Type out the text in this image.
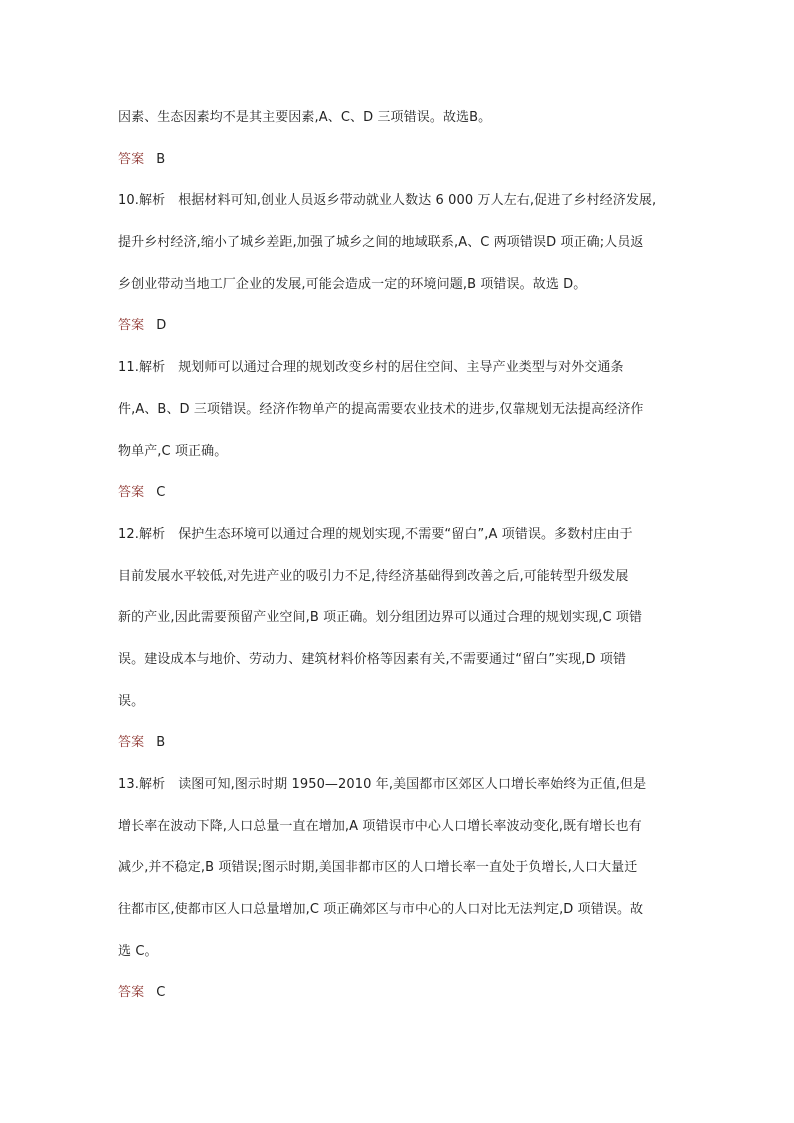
因素、生态因素均不是其主要因素,A、C、D 三项错误。故选B。
答案 B
10.解析 根据材料可知,创业人员返乡带动就业人数达 6 000 万人左右,促进了乡村经济发展,
提升乡村经济,缩小了城乡差距,加强了城乡之间的地域联系,A、C 两项错误D 项正确;人员返
乡创业带动当地工厂企业的发展,可能会造成一定的环境问题,B 项错误。故选 D。
答案 D
11.解析 规划师可以通过合理的规划改变乡村的居住空间、主导产业类型与对外交通条
件,A、B、D 三项错误。经济作物单产的提高需要农业技术的进步,仅靠规划无法提高经济作
物单产,C 项正确。
答案 C
12.解析 保护生态环境可以通过合理的规划实现,不需要“留白”,A 项错误。多数村庄由于
目前发展水平较低,对先进产业的吸引力不足,待经济基础得到改善之后,可能转型升级发展
新的产业,因此需要预留产业空间,B 项正确。划分组团边界可以通过合理的规划实现,C 项错
误。建设成本与地价、劳动力、建筑材料价格等因素有关,不需要通过“留白”实现,D 项错
误。
答案 B
13.解析 读图可知,图示时期 1950—2010 年,美国都市区郊区人口增长率始终为正值,但是
增长率在波动下降,人口总量一直在增加,A 项错误市中心人口增长率波动变化,既有增长也有
减少,并不稳定,B 项错误;图示时期,美国非都市区的人口增长率一直处于负增长,人口大量迁
往都市区,使都市区人口总量增加,C 项正确郊区与市中心的人口对比无法判定,D 项错误。故
选 C。
答案 C
